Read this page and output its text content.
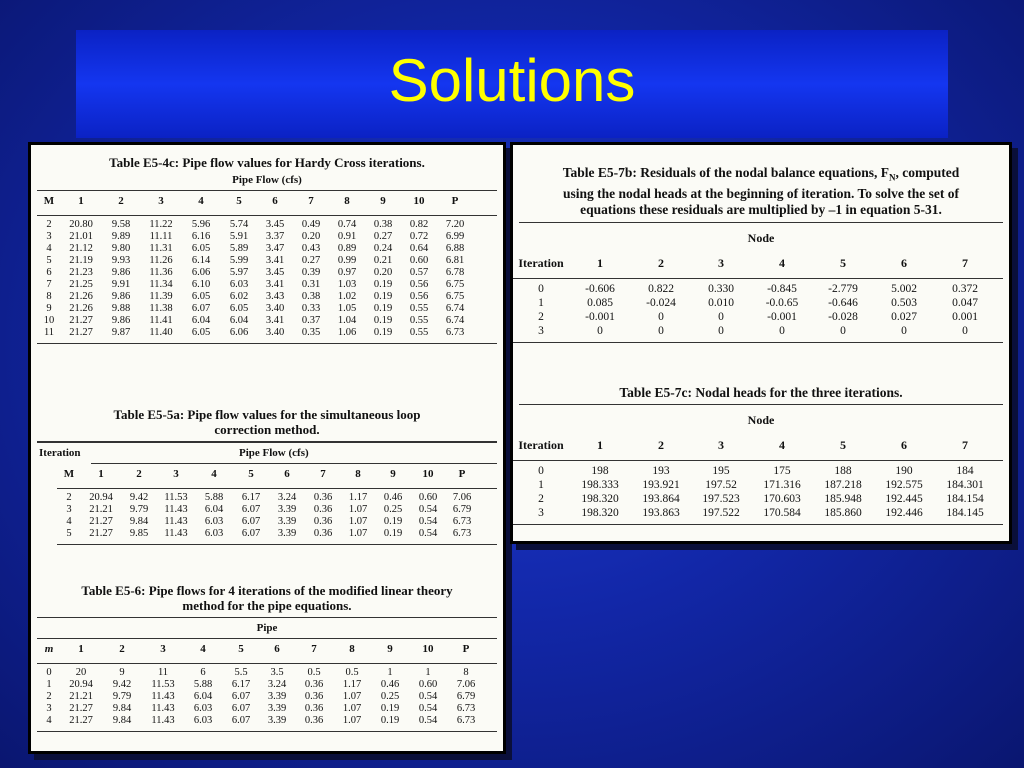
Solutions
Table E5-4c: Pipe flow values for Hardy Cross iterations.
Pipe Flow (cfs)
M	1	2	3	4	5	6	7	8	9	10	P
2	20.80	9.58	11.22	5.96	5.74	3.45	0.49	0.74	0.38	0.82	7.20
3	21.01	9.89	11.11	6.16	5.91	3.37	0.20	0.91	0.27	0.72	6.99
4	21.12	9.80	11.31	6.05	5.89	3.47	0.43	0.89	0.24	0.64	6.88
5	21.19	9.93	11.26	6.14	5.99	3.41	0.27	0.99	0.21	0.60	6.81
6	21.23	9.86	11.36	6.06	5.97	3.45	0.39	0.97	0.20	0.57	6.78
7	21.25	9.91	11.34	6.10	6.03	3.41	0.31	1.03	0.19	0.56	6.75
8	21.26	9.86	11.39	6.05	6.02	3.43	0.38	1.02	0.19	0.56	6.75
9	21.26	9.88	11.38	6.07	6.05	3.40	0.33	1.05	0.19	0.55	6.74
10	21.27	9.86	11.41	6.04	6.04	3.41	0.37	1.04	0.19	0.55	6.74
11	21.27	9.87	11.40	6.05	6.06	3.40	0.35	1.06	0.19	0.55	6.73
Table E5-5a: Pipe flow values for the simultaneous loop
correction method.
Iteration	Pipe Flow (cfs)
M	1	2	3	4	5	6	7	8	9	10	P
2	20.94	9.42	11.53	5.88	6.17	3.24	0.36	1.17	0.46	0.60	7.06
3	21.21	9.79	11.43	6.04	6.07	3.39	0.36	1.07	0.25	0.54	6.79
4	21.27	9.84	11.43	6.03	6.07	3.39	0.36	1.07	0.19	0.54	6.73
5	21.27	9.85	11.43	6.03	6.07	3.39	0.36	1.07	0.19	0.54	6.73
Table E5-6: Pipe flows for 4 iterations of the modified linear theory
method for the pipe equations.
Pipe
m	1	2	3	4	5	6	7	8	9	10	P
0	20	9	11	6	5.5	3.5	0.5	0.5	1	1	8
1	20.94	9.42	11.53	5.88	6.17	3.24	0.36	1.17	0.46	0.60	7.06
2	21.21	9.79	11.43	6.04	6.07	3.39	0.36	1.07	0.25	0.54	6.79
3	21.27	9.84	11.43	6.03	6.07	3.39	0.36	1.07	0.19	0.54	6.73
4	21.27	9.84	11.43	6.03	6.07	3.39	0.36	1.07	0.19	0.54	6.73
Table E5-7b: Residuals of the nodal balance equations, $F_N$, computed
using the nodal heads at the beginning of iteration. To solve the set of
equations these residuals are multiplied by –1 in equation 5-31.
Node
Iteration	1	2	3	4	5	6	7
0	-0.606	0.822	0.330	-0.845	-2.779	5.002	0.372
1	0.085	-0.024	0.010	-0.0.65	-0.646	0.503	0.047
2	-0.001	0	0	-0.001	-0.028	0.027	0.001
3	0	0	0	0	0	0	0
Table E5-7c: Nodal heads for the three iterations.
Node
Iteration	1	2	3	4	5	6	7
0	198	193	195	175	188	190	184
1	198.333	193.921	197.52	171.316	187.218	192.575	184.301
2	198.320	193.864	197.523	170.603	185.948	192.445	184.154
3	198.320	193.863	197.522	170.584	185.860	192.446	184.145
